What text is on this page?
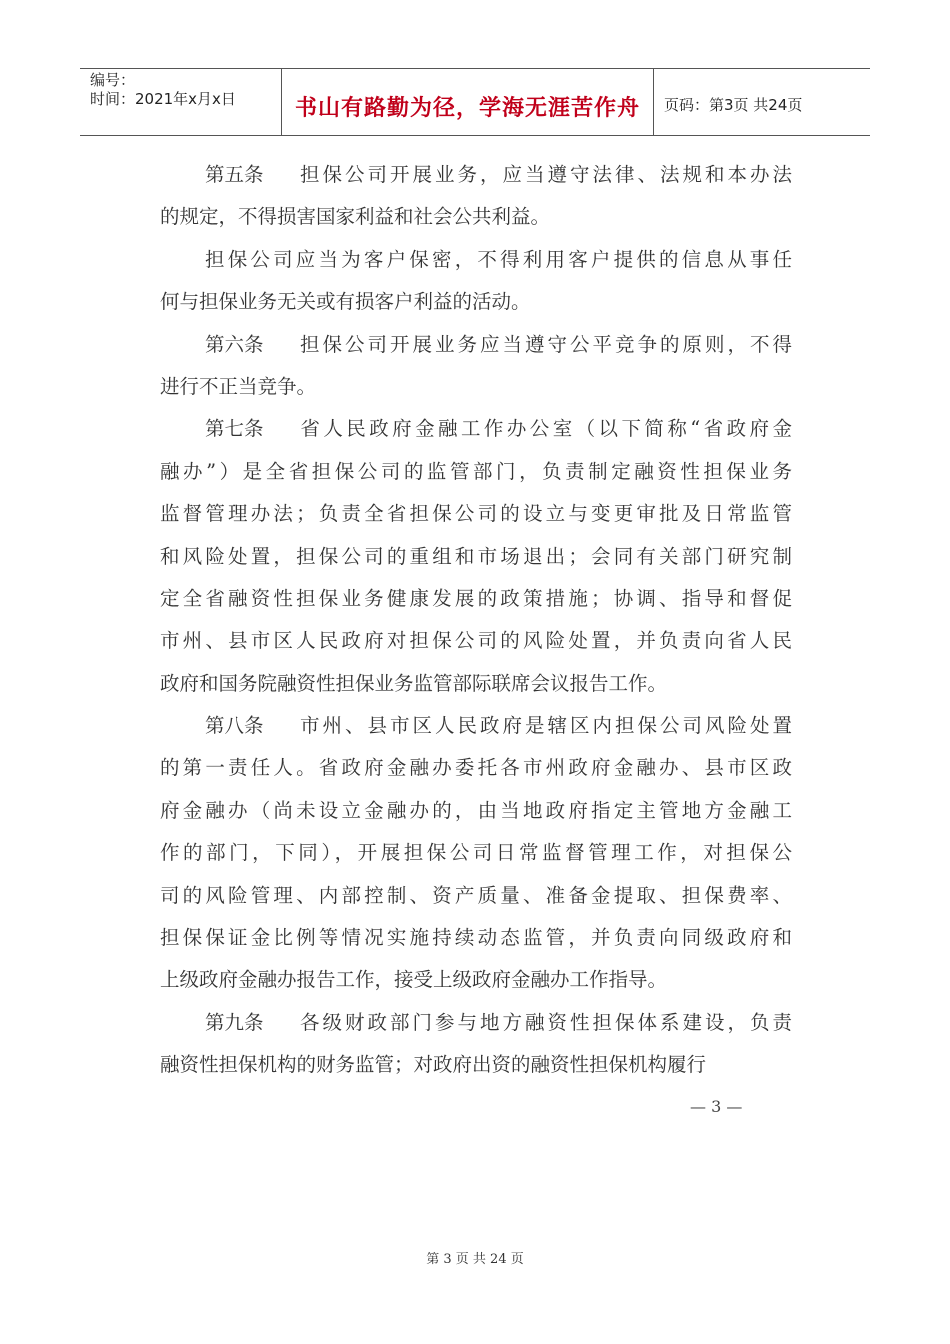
编号：
时间：2021年x月x日	书山有路勤为径，学海无涯苦作舟	页码：第3页 共24页
第五条 担保公司开展业务，应当遵守法律、法规和本办法
的规定，不得损害国家利益和社会公共利益。
担保公司应当为客户保密，不得利用客户提供的信息从事任
何与担保业务无关或有损客户利益的活动。
第六条 担保公司开展业务应当遵守公平竞争的原则，不得
进行不正当竞争。
第七条 省人民政府金融工作办公室（以下简称“省政府金
融办”）是全省担保公司的监管部门，负责制定融资性担保业务
监督管理办法；负责全省担保公司的设立与变更审批及日常监管
和风险处置，担保公司的重组和市场退出；会同有关部门研究制
定全省融资性担保业务健康发展的政策措施；协调、指导和督促
市州、县市区人民政府对担保公司的风险处置，并负责向省人民
政府和国务院融资性担保业务监管部际联席会议报告工作。
第八条 市州、县市区人民政府是辖区内担保公司风险处置
的第一责任人。省政府金融办委托各市州政府金融办、县市区政
府金融办（尚未设立金融办的，由当地政府指定主管地方金融工
作的部门，下同），开展担保公司日常监督管理工作，对担保公
司的风险管理、内部控制、资产质量、准备金提取、担保费率、
担保保证金比例等情况实施持续动态监管，并负责向同级政府和
上级政府金融办报告工作，接受上级政府金融办工作指导。
第九条 各级财政部门参与地方融资性担保体系建设，负责
融资性担保机构的财务监管；对政府出资的融资性担保机构履行
— 3 —
第 3 页 共 24 页
